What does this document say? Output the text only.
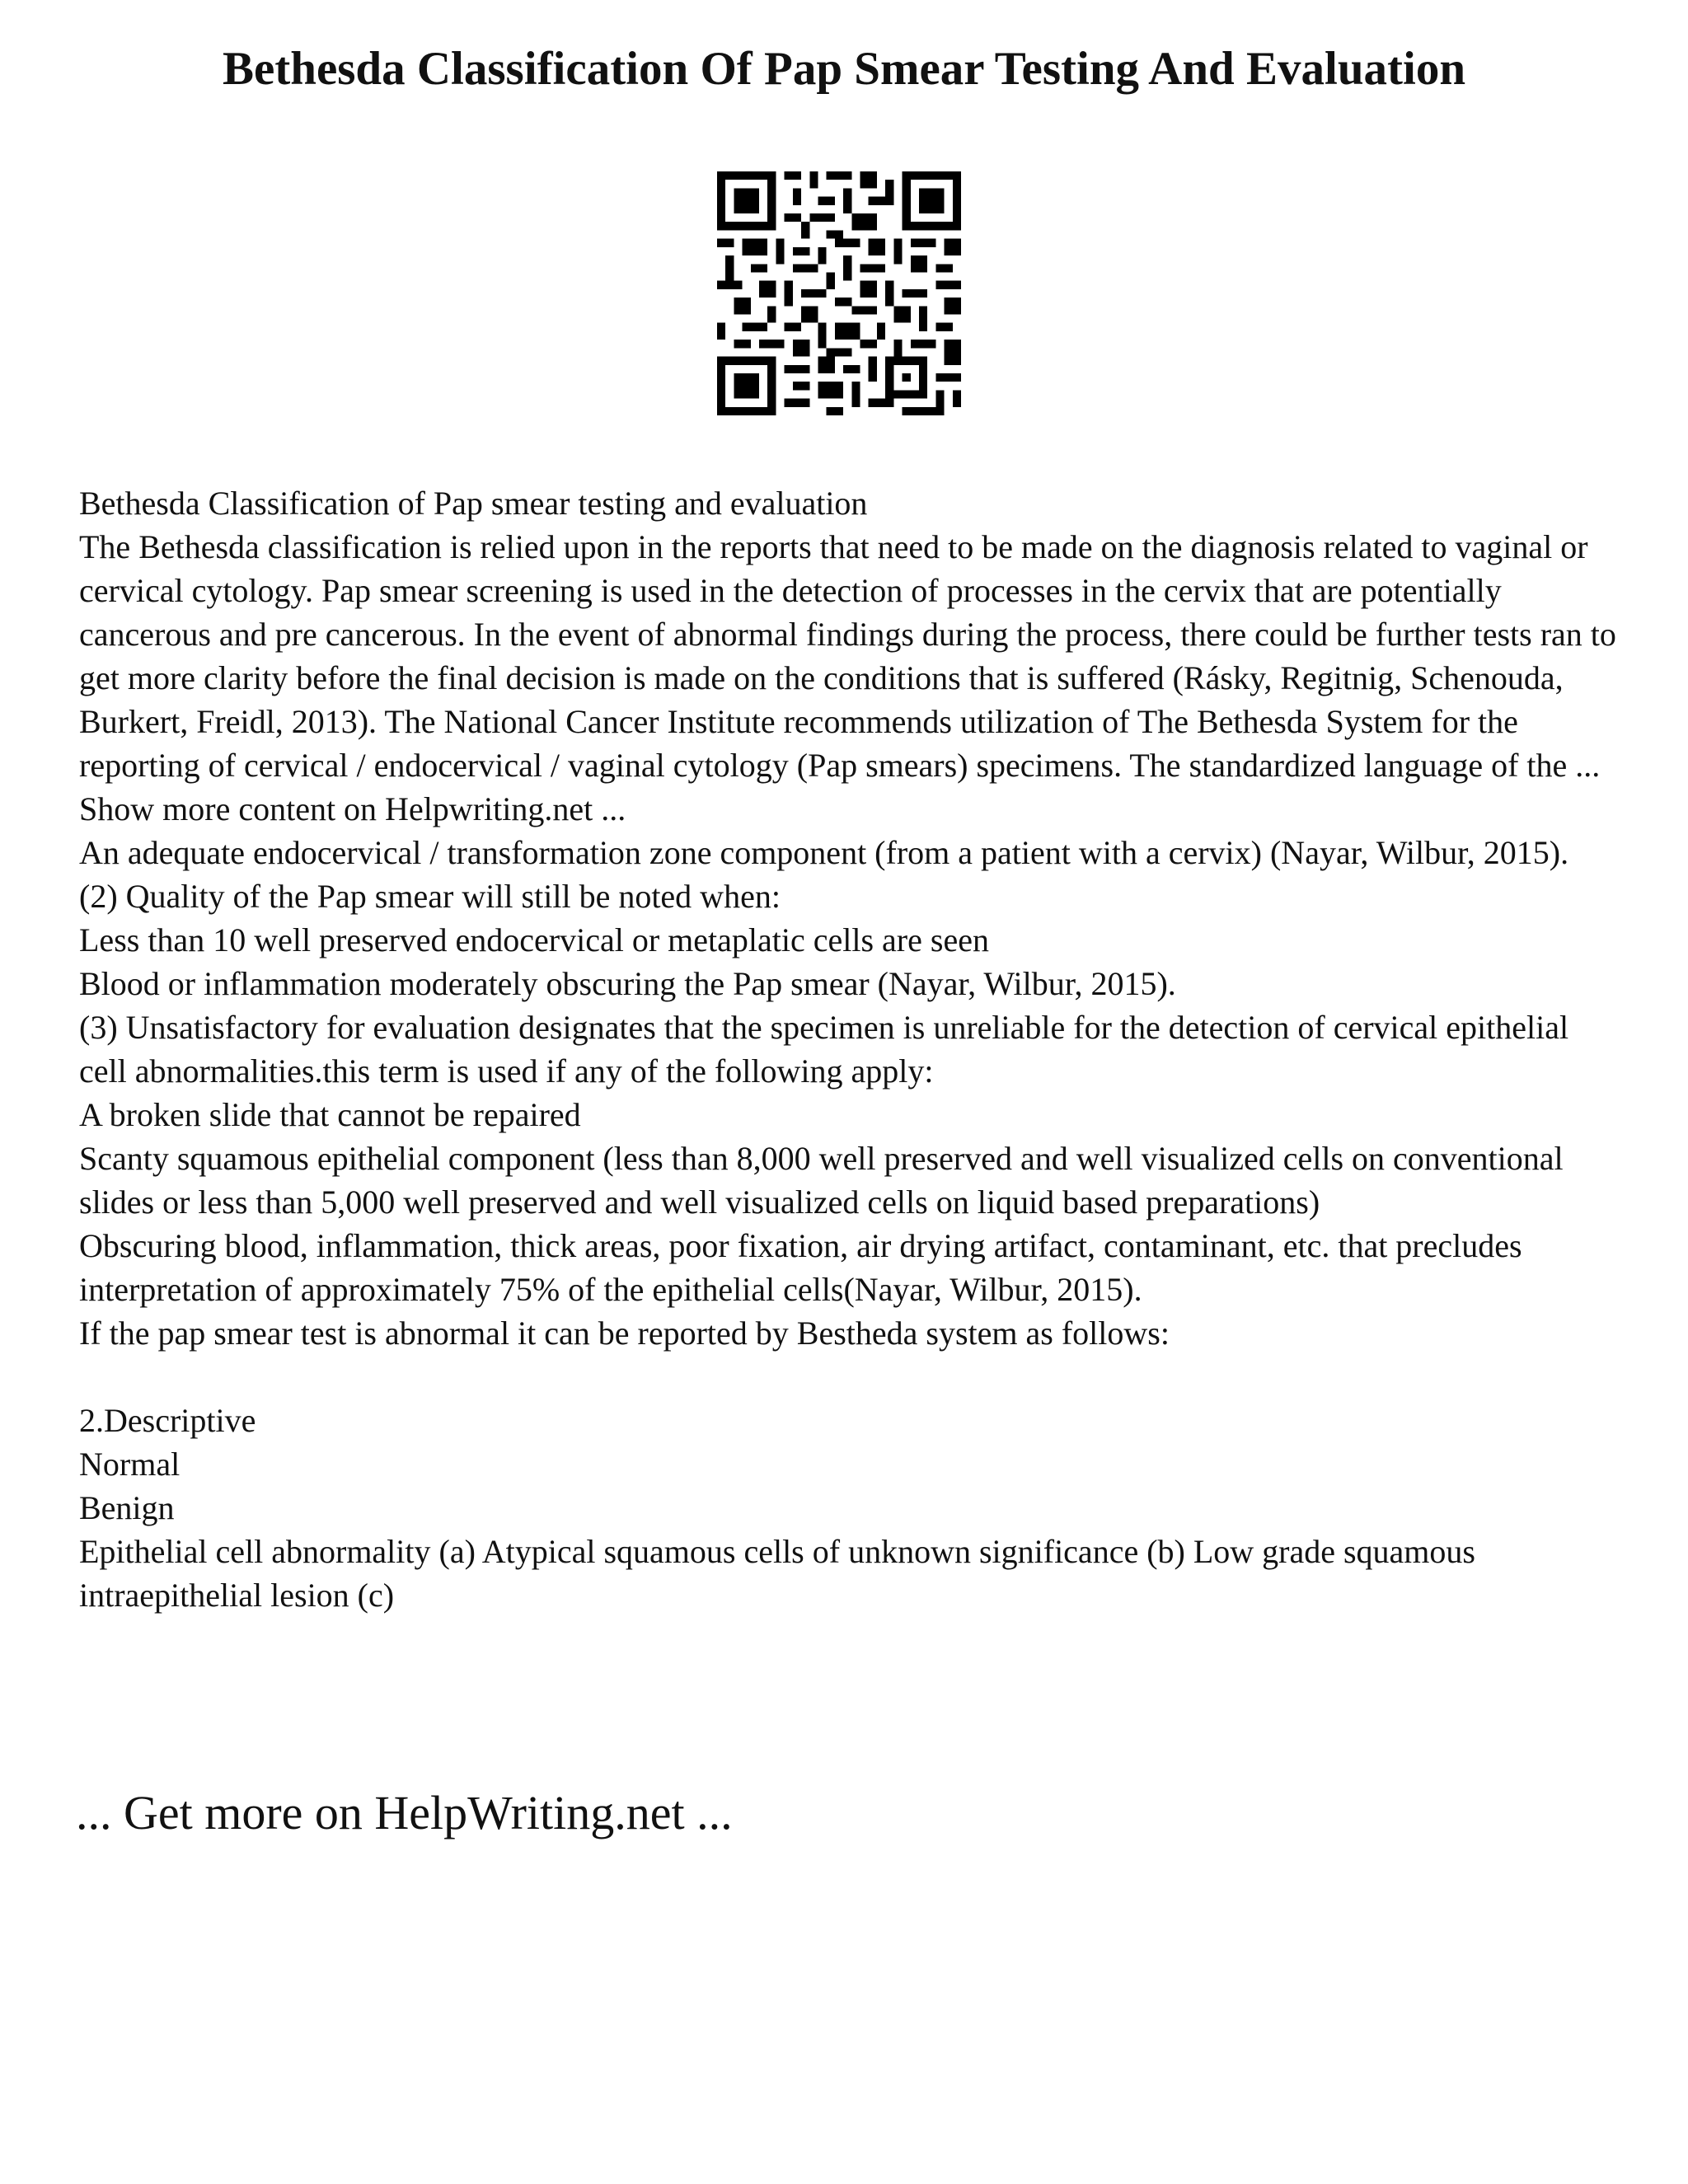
Bethesda Classification Of Pap Smear Testing And Evaluation
Bethesda Classification of Pap smear testing and evaluation
The Bethesda classification is relied upon in the reports that need to be made on the diagnosis related to vaginal or cervical cytology. Pap smear screening is used in the detection of processes in the cervix that are potentially cancerous and pre cancerous. In the event of abnormal findings during the process, there could be further tests ran to get more clarity before the final decision is made on the conditions that is suffered (Rásky, Regitnig, Schenouda, Burkert, Freidl, 2013). The National Cancer Institute recommends utilization of The Bethesda System for the reporting of cervical / endocervical / vaginal cytology (Pap smears) specimens. The standardized language of the ... Show more content on Helpwriting.net ...
An adequate endocervical / transformation zone component (from a patient with a cervix) (Nayar, Wilbur, 2015).
(2) Quality of the Pap smear will still be noted when:
Less than 10 well preserved endocervical or metaplatic cells are seen
Blood or inflammation moderately obscuring the Pap smear (Nayar, Wilbur, 2015).
(3) Unsatisfactory for evaluation designates that the specimen is unreliable for the detection of cervical epithelial cell abnormalities.this term is used if any of the following apply:
A broken slide that cannot be repaired
Scanty squamous epithelial component (less than 8,000 well preserved and well visualized cells on conventional slides or less than 5,000 well preserved and well visualized cells on liquid based preparations)
Obscuring blood, inflammation, thick areas, poor fixation, air drying artifact, contaminant, etc. that precludes interpretation of approximately 75% of the epithelial cells(Nayar, Wilbur, 2015).
If the pap smear test is abnormal it can be reported by Bestheda system as follows:
2.Descriptive
Normal
Benign
Epithelial cell abnormality (a) Atypical squamous cells of unknown significance (b) Low grade squamous intraepithelial lesion (c)
... Get more on HelpWriting.net ...
